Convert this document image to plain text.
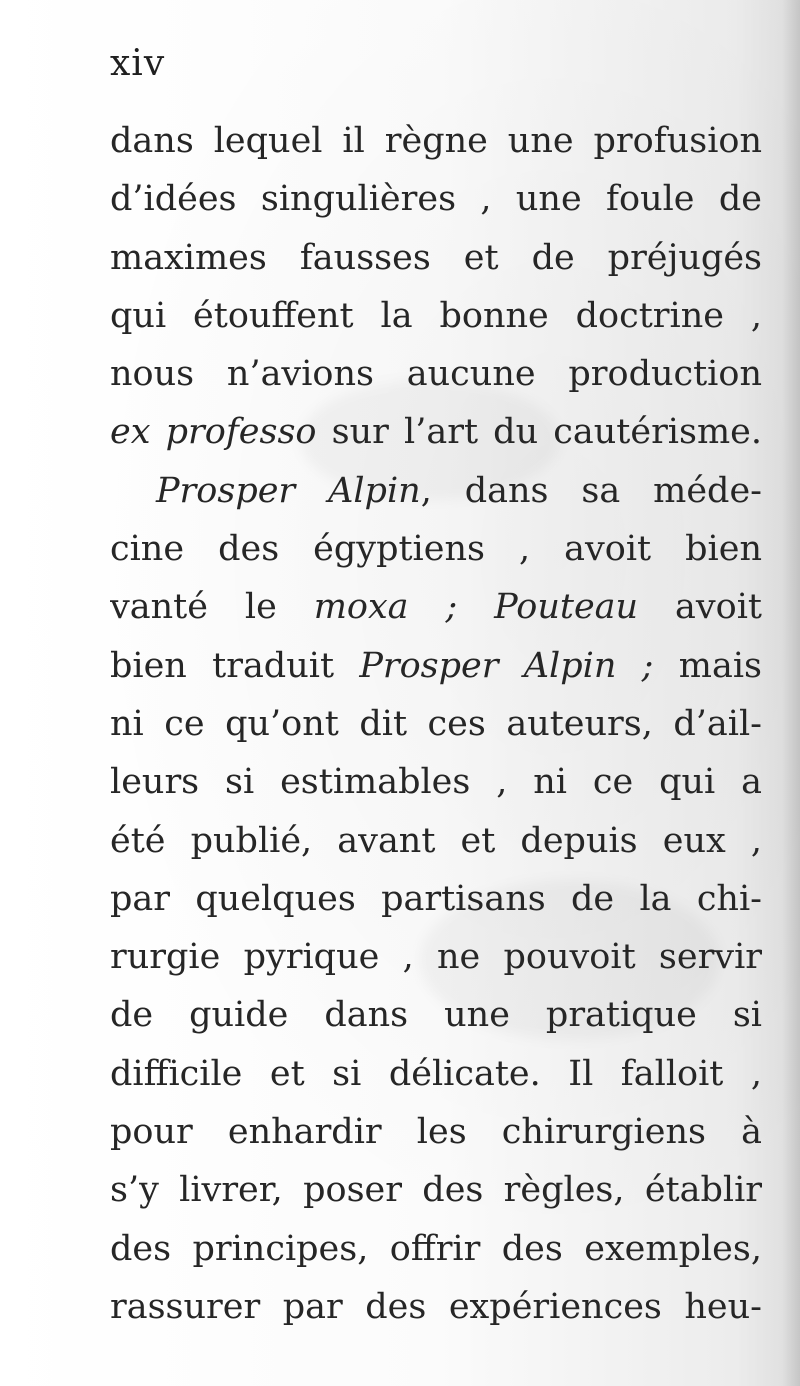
xiv
dans lequel il règne une profusion
d’idées singulières , une foule de
maximes fausses et de préjugés
qui étouffent la bonne doctrine ,
nous n’avions aucune production
ex professo sur l’art du cautérisme.
Prosper Alpin, dans sa méde-
cine des égyptiens , avoit bien
vanté le moxa ; Pouteau avoit
bien traduit Prosper Alpin ; mais
ni ce qu’ont dit ces auteurs, d’ail-
leurs si estimables , ni ce qui a
été publié, avant et depuis eux ,
par quelques partisans de la chi-
rurgie pyrique , ne pouvoit servir
de guide dans une pratique si
difficile et si délicate. Il falloit ,
pour enhardir les chirurgiens à
s’y livrer, poser des règles, établir
des principes, offrir des exemples,
rassurer par des expériences heu-
